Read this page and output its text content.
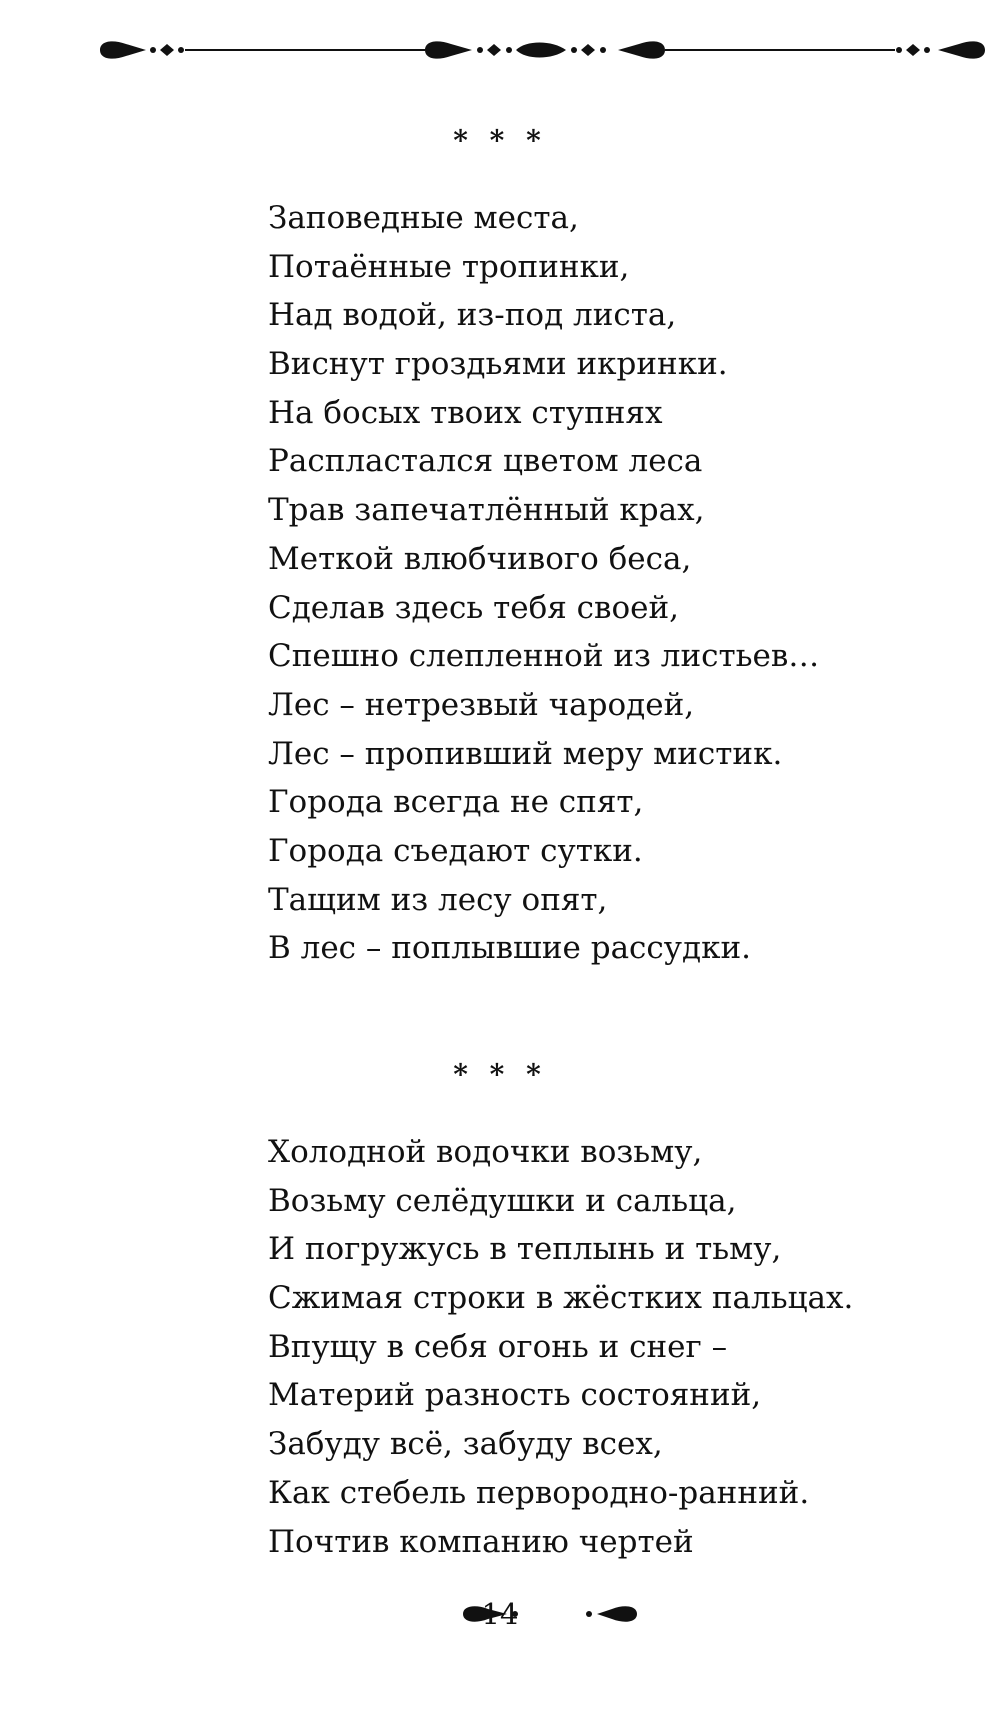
* * *
Заповедные места,
Потаённые тропинки,
Над водой, из-под листа,
Виснут гроздьями икринки.
На босых твоих ступнях
Распластался цветом леса
Трав запечатлённый крах,
Меткой влюбчивого беса,
Сделав здесь тебя своей,
Спешно слепленной из листьев…
Лес – нетрезвый чародей,
Лес – пропивший меру мистик.
Города всегда не спят,
Города съедают сутки.
Тащим из лесу опят,
В лес – поплывшие рассудки.
* * *
Холодной водочки возьму,
Возьму селёдушки и сальца,
И погружусь в теплынь и тьму,
Сжимая строки в жёстких пальцах.
Впущу в себя огонь и снег –
Материй разность состояний,
Забуду всё, забуду всех,
Как стебель первородно-ранний.
Почтив компанию чертей
14
